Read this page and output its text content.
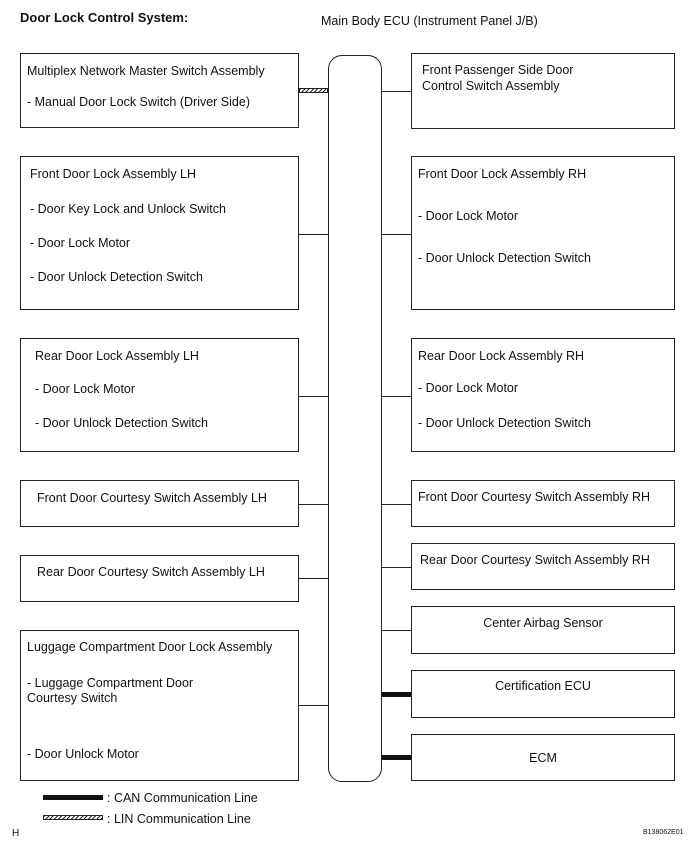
Door Lock Control System:	Main Body ECU (Instrument Panel J/B)
Multiplex Network Master Switch Assembly
- Manual Door Lock Switch (Driver Side)
Front Door Lock Assembly LH
- Door Key Lock and Unlock Switch
- Door Lock Motor
- Door Unlock Detection Switch
Rear Door Lock Assembly LH
- Door Lock Motor
- Door Unlock Detection Switch
Front Door Courtesy Switch Assembly LH
Rear Door Courtesy Switch Assembly LH
Luggage Compartment Door Lock Assembly
- Luggage Compartment Door
Courtesy Switch
- Door Unlock Motor
Front Passenger Side Door
Control Switch Assembly
Front Door Lock Assembly RH
- Door Lock Motor
- Door Unlock Detection Switch
Rear Door Lock Assembly RH
- Door Lock Motor
- Door Unlock Detection Switch
Front Door Courtesy Switch Assembly RH
Rear Door Courtesy Switch Assembly RH
Center Airbag Sensor
Certification ECU
ECM
: CAN Communication Line
: LIN Communication Line
H	B138062E01
